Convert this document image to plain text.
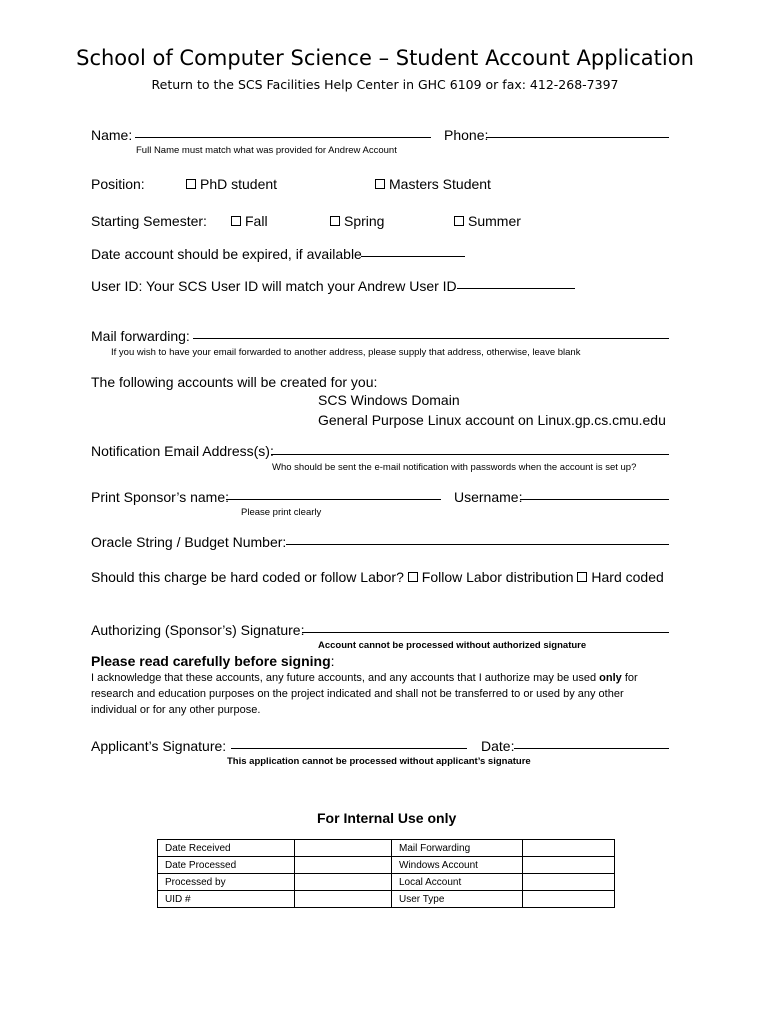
School of Computer Science – Student Account Application
Return to the SCS Facilities Help Center in GHC 6109 or fax: 412-268-7397
Name:	Phone:
Full Name must match what was provided for Andrew Account
Position:	PhD student	Masters Student
Starting Semester:	Fall	Spring	Summer
Date account should be expired, if available
User ID: Your SCS User ID will match your Andrew User ID
Mail forwarding:
If you wish to have your email forwarded to another address, please supply that address, otherwise, leave blank
The following accounts will be created for you:
SCS Windows Domain
General Purpose Linux account on Linux.gp.cs.cmu.edu
Notification Email Address(s):
Who should be sent the e-mail notification with passwords when the account is set up?
Print Sponsor’s name:	Username:
Please print clearly
Oracle String / Budget Number:
Should this charge be hard coded or follow Labor? Follow Labor distribution Hard coded
Authorizing (Sponsor’s) Signature:
Account cannot be processed without authorized signature
Please read carefully before signing:
I acknowledge that these accounts, any future accounts, and any accounts that I authorize may be used only for research and education purposes on the project indicated and shall not be transferred to or used by any other individual or for any other purpose.
Applicant’s Signature:	Date:
This application cannot be processed without applicant’s signature
For Internal Use only
Date Received		Mail Forwarding	
Date Processed		Windows Account	
Processed by		Local Account	
UID #		User Type	
